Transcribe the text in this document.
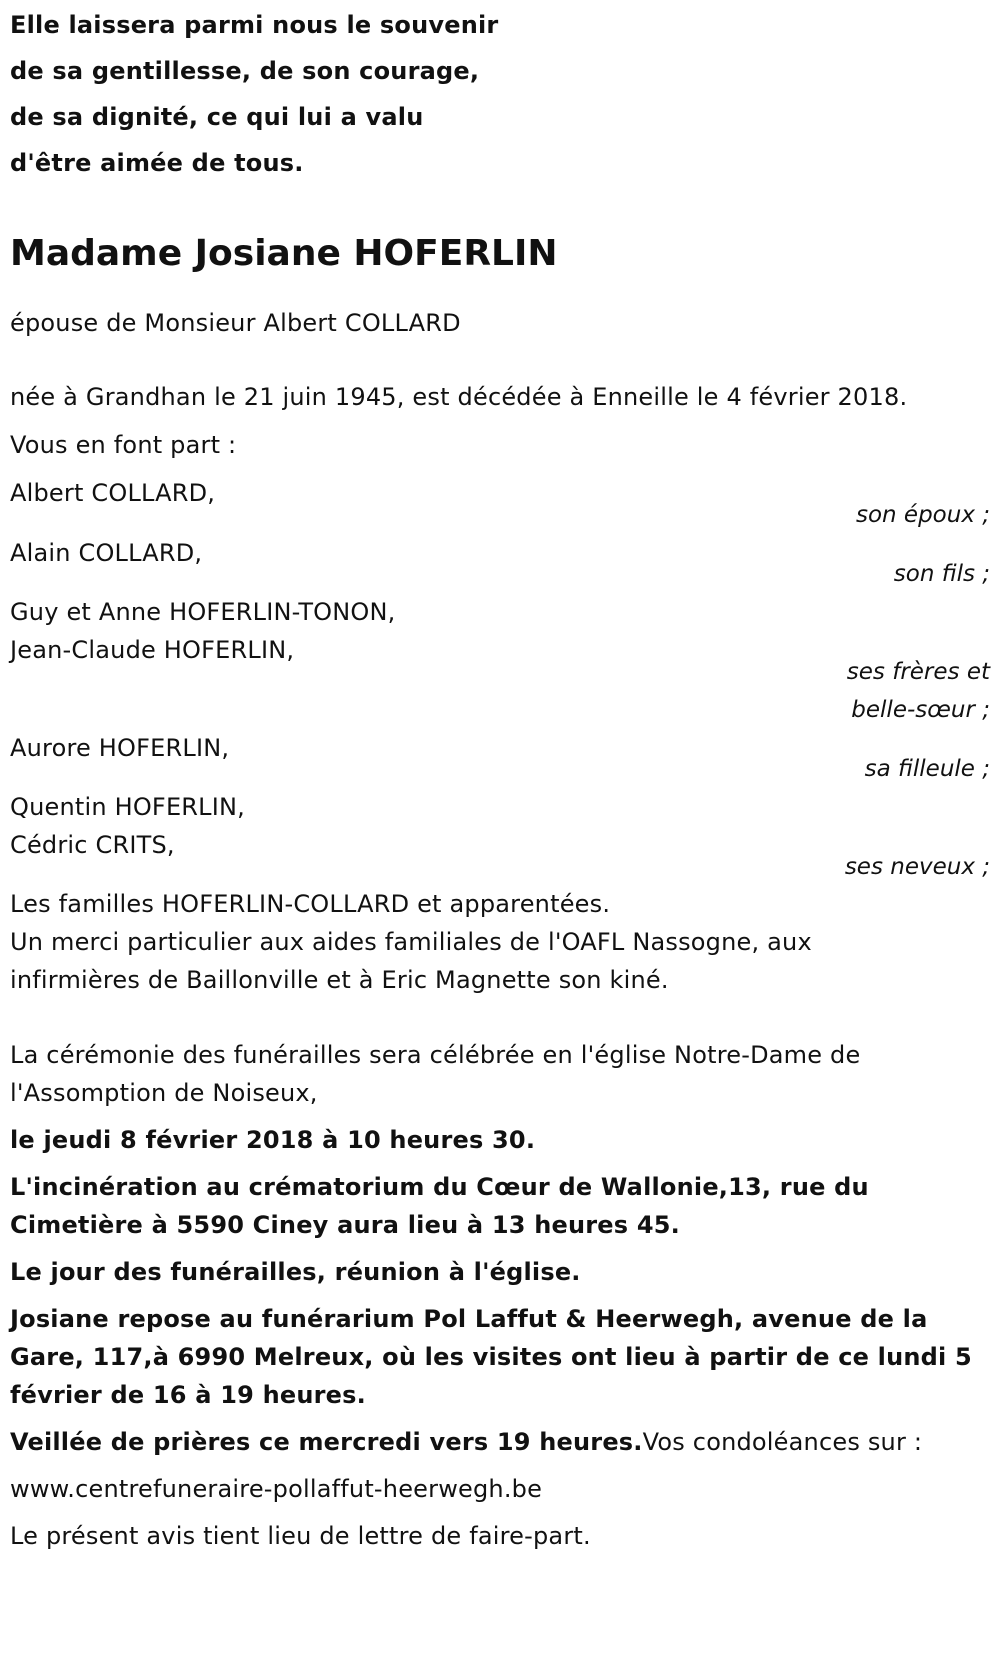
Elle laissera parmi nous le souvenir
de sa gentillesse, de son courage,
de sa dignité, ce qui lui a valu
d'être aimée de tous.
Madame Josiane HOFERLIN
épouse de Monsieur Albert COLLARD
née à Grandhan le 21 juin 1945, est décédée à Enneille le 4 février 2018.
Vous en font part :
Albert COLLARD,
son époux ;
Alain COLLARD,
son fils ;
Guy et Anne HOFERLIN-TONON,
Jean-Claude HOFERLIN,
ses frères et
belle-sœur ;
Aurore HOFERLIN,
sa filleule ;
Quentin HOFERLIN,
Cédric CRITS,
ses neveux ;
Les familles HOFERLIN-COLLARD et apparentées.
Un merci particulier aux aides familiales de l'OAFL Nassogne, aux
infirmières de Baillonville et à Eric Magnette son kiné.
La cérémonie des funérailles sera célébrée en l'église Notre-Dame de
l'Assomption de Noiseux,
le jeudi 8 février 2018 à 10 heures 30.
L'incinération au crématorium du Cœur de Wallonie,13, rue du
Cimetière à 5590 Ciney aura lieu à 13 heures 45.
Le jour des funérailles, réunion à l'église.
Josiane repose au funérarium Pol Laffut & Heerwegh, avenue de la
Gare, 117,à 6990 Melreux, où les visites ont lieu à partir de ce lundi 5
février de 16 à 19 heures.
Veillée de prières ce mercredi vers 19 heures.Vos condoléances sur :
www.centrefuneraire-pollaffut-heerwegh.be
Le présent avis tient lieu de lettre de faire-part.
